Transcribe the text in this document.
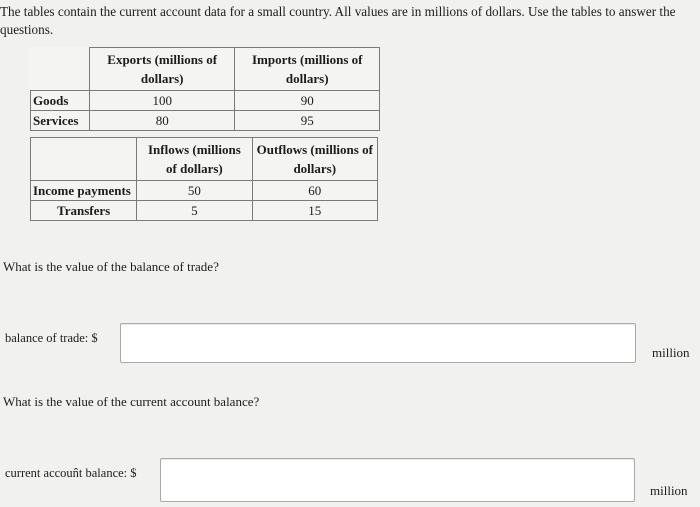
The tables contain the current account data for a small country. All values are in millions of dollars. Use the tables to answer the questions.
	Exports (millions of dollars)	Imports (millions of dollars)
Goods	100	90
Services	80	95
	Inflows (millions of dollars)	Outflows (millions of dollars)
Income payments	50	60
Transfers	5	15
What is the value of the balance of trade?
balance of trade: $
million
What is the value of the current account balance?
current accoun̂t balance: $
million
